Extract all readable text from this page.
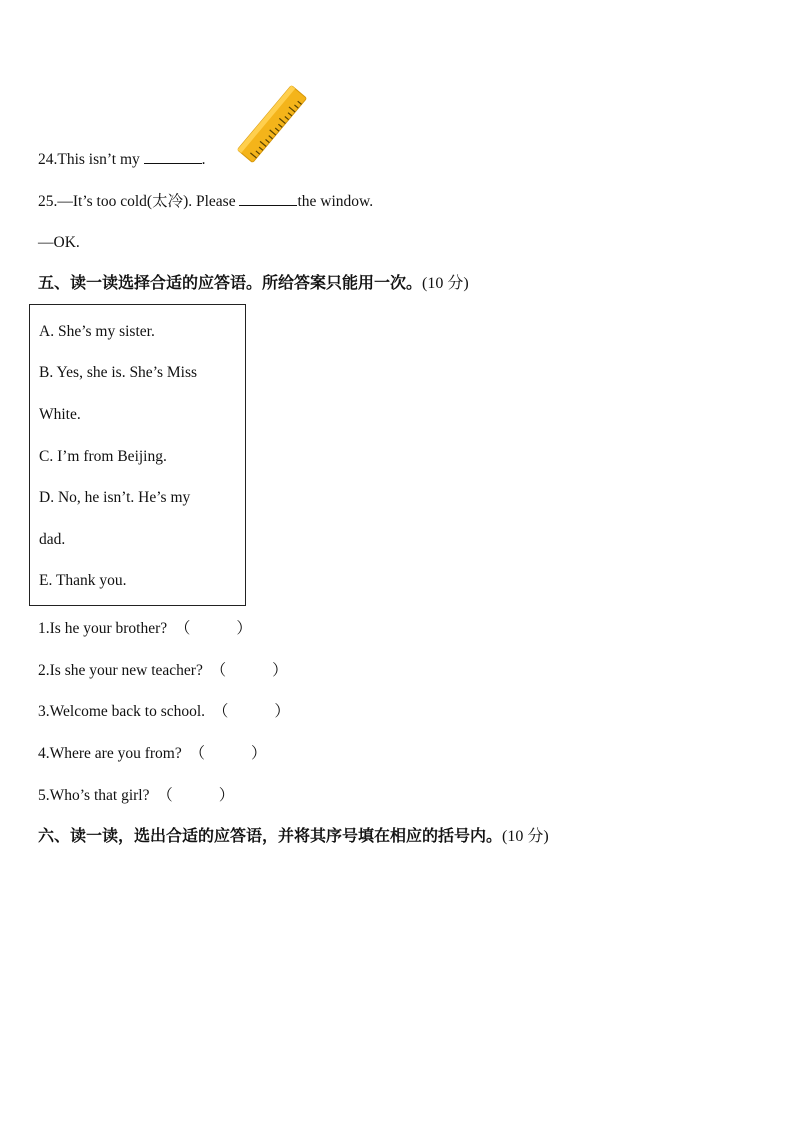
24.This isn’t my	.
25.—It’s too cold(太冷). Please	the window.
—OK.
五、读一读选择合适的应答语。所给答案只能用一次。(10 分)
A. She’s my sister.
B. Yes, she is. She’s Miss
White.
C. I’m from Beijing.
D. No, he isn’t. He’s my
dad.
E. Thank you.
1.Is he your brother? （	）
2.Is she your new teacher? （	）
3.Welcome back to school. （	）
4.Where are you from? （	）
5.Who’s that girl? （	）
六、读一读，选出合适的应答语，并将其序号填在相应的括号内。(10 分)
